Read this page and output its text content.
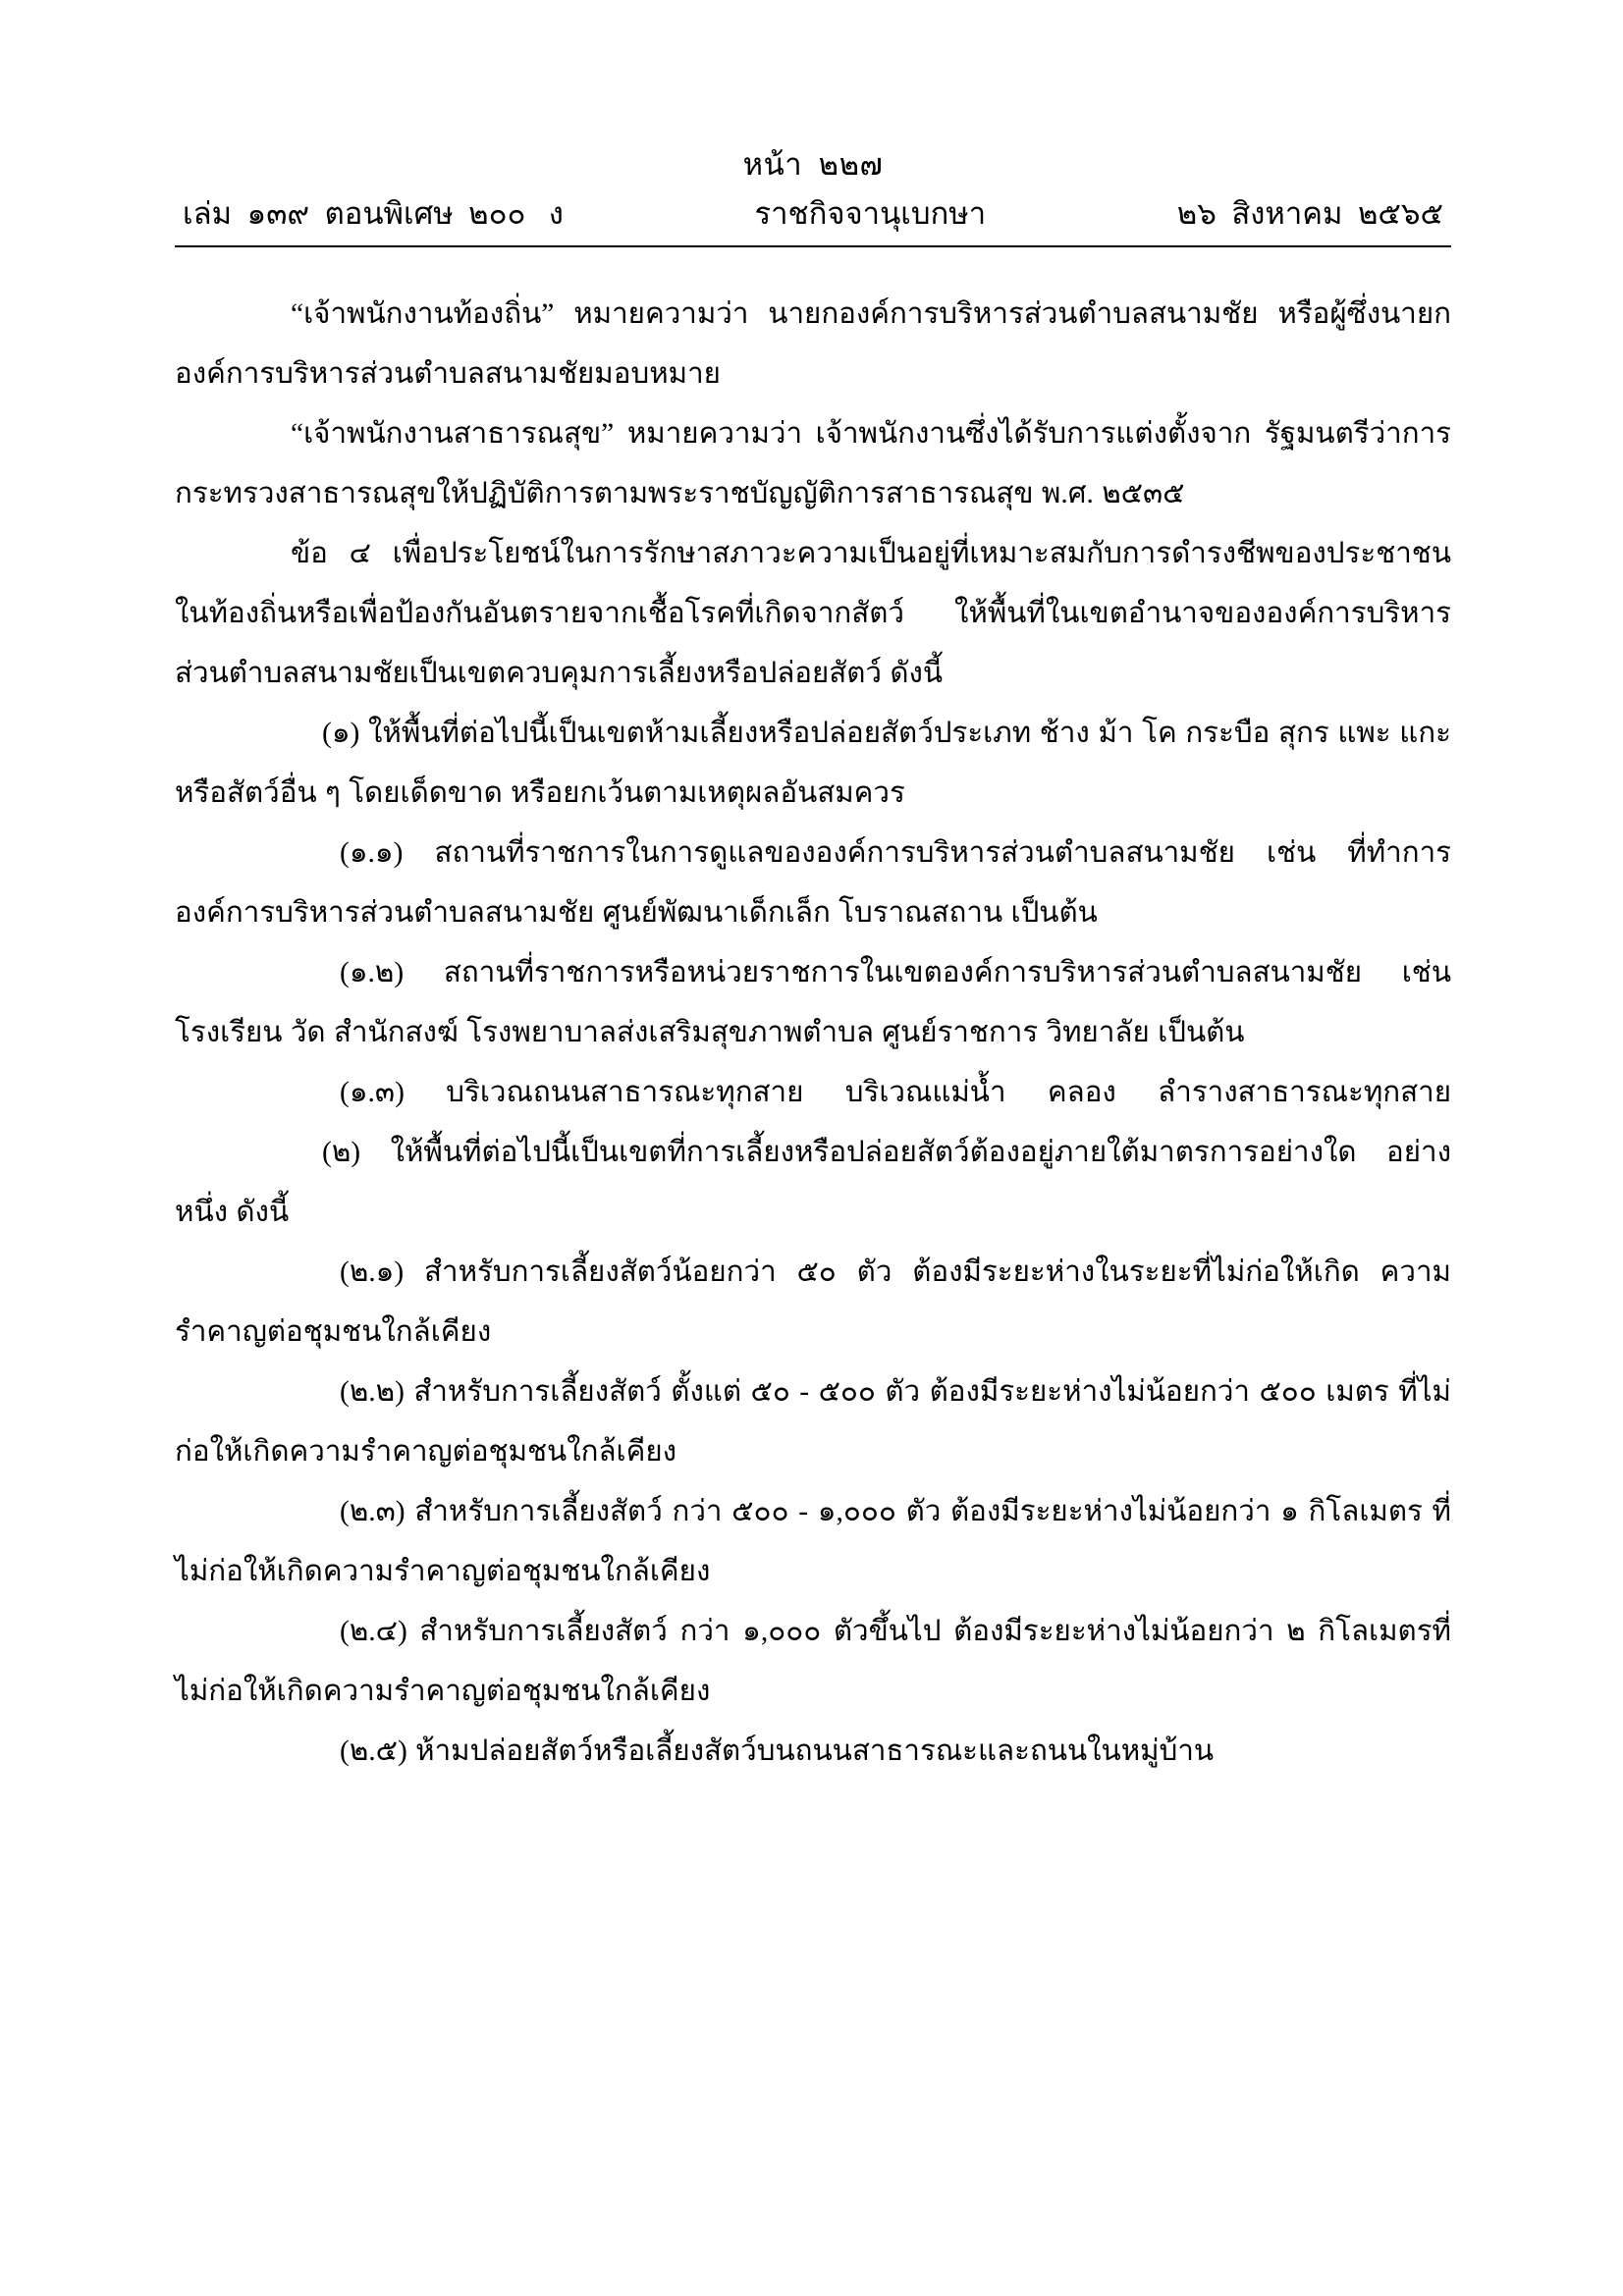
หน้า  ๒๒๗
เล่ม  ๑๓๙  ตอนพิเศษ  ๒๐๐   ง	ราชกิจจานุเบกษา	๒๖  สิงหาคม  ๒๕๖๕

“เจ้าพนักงานท้องถิ่น” หมายความว่า นายกองค์การบริหารส่วนตำบลสนามชัย หรือผู้ซึ่งนายกองค์การบริหารส่วนตำบลสนามชัยมอบหมาย

“เจ้าพนักงานสาธารณสุข” หมายความว่า เจ้าพนักงานซึ่งได้รับการแต่งตั้งจาก รัฐมนตรีว่าการกระทรวงสาธารณสุขให้ปฏิบัติการตามพระราชบัญญัติการสาธารณสุข พ.ศ. ๒๕๓๕

ข้อ ๔ เพื่อประโยชน์ในการรักษาสภาวะความเป็นอยู่ที่เหมาะสมกับการดำรงชีพของประชาชน ในท้องถิ่นหรือเพื่อป้องกันอันตรายจากเชื้อโรคที่เกิดจากสัตว์ ให้พื้นที่ในเขตอำนาจขององค์การบริหาร ส่วนตำบลสนามชัยเป็นเขตควบคุมการเลี้ยงหรือปล่อยสัตว์ ดังนี้

(๑) ให้พื้นที่ต่อไปนี้เป็นเขตห้ามเลี้ยงหรือปล่อยสัตว์ประเภท ช้าง ม้า โค กระบือ สุกร แพะ แกะ หรือสัตว์อื่น ๆ โดยเด็ดขาด หรือยกเว้นตามเหตุผลอันสมควร

(๑.๑) สถานที่ราชการในการดูแลขององค์การบริหารส่วนตำบลสนามชัย เช่น ที่ทำการองค์การบริหารส่วนตำบลสนามชัย ศูนย์พัฒนาเด็กเล็ก โบราณสถาน เป็นต้น

(๑.๒) สถานที่ราชการหรือหน่วยราชการในเขตองค์การบริหารส่วนตำบลสนามชัย เช่น โรงเรียน วัด สำนักสงฆ์ โรงพยาบาลส่งเสริมสุขภาพตำบล ศูนย์ราชการ วิทยาลัย เป็นต้น

(๑.๓) บริเวณถนนสาธารณะทุกสาย บริเวณแม่น้ำ คลอง ลำรางสาธารณะทุกสาย

(๒) ให้พื้นที่ต่อไปนี้เป็นเขตที่การเลี้ยงหรือปล่อยสัตว์ต้องอยู่ภายใต้มาตรการอย่างใด อย่างหนึ่ง ดังนี้

(๒.๑) สำหรับการเลี้ยงสัตว์น้อยกว่า ๕๐ ตัว ต้องมีระยะห่างในระยะที่ไม่ก่อให้เกิด ความรำคาญต่อชุมชนใกล้เคียง

(๒.๒) สำหรับการเลี้ยงสัตว์ ตั้งแต่ ๕๐ - ๕๐๐ ตัว ต้องมีระยะห่างไม่น้อยกว่า ๕๐๐ เมตร ที่ไม่ก่อให้เกิดความรำคาญต่อชุมชนใกล้เคียง

(๒.๓) สำหรับการเลี้ยงสัตว์ กว่า ๕๐๐ - ๑,๐๐๐ ตัว ต้องมีระยะห่างไม่น้อยกว่า ๑ กิโลเมตร ที่ไม่ก่อให้เกิดความรำคาญต่อชุมชนใกล้เคียง

(๒.๔) สำหรับการเลี้ยงสัตว์ กว่า ๑,๐๐๐ ตัวขึ้นไป ต้องมีระยะห่างไม่น้อยกว่า ๒ กิโลเมตรที่ไม่ก่อให้เกิดความรำคาญต่อชุมชนใกล้เคียง

(๒.๕) ห้ามปล่อยสัตว์หรือเลี้ยงสัตว์บนถนนสาธารณะและถนนในหมู่บ้าน
